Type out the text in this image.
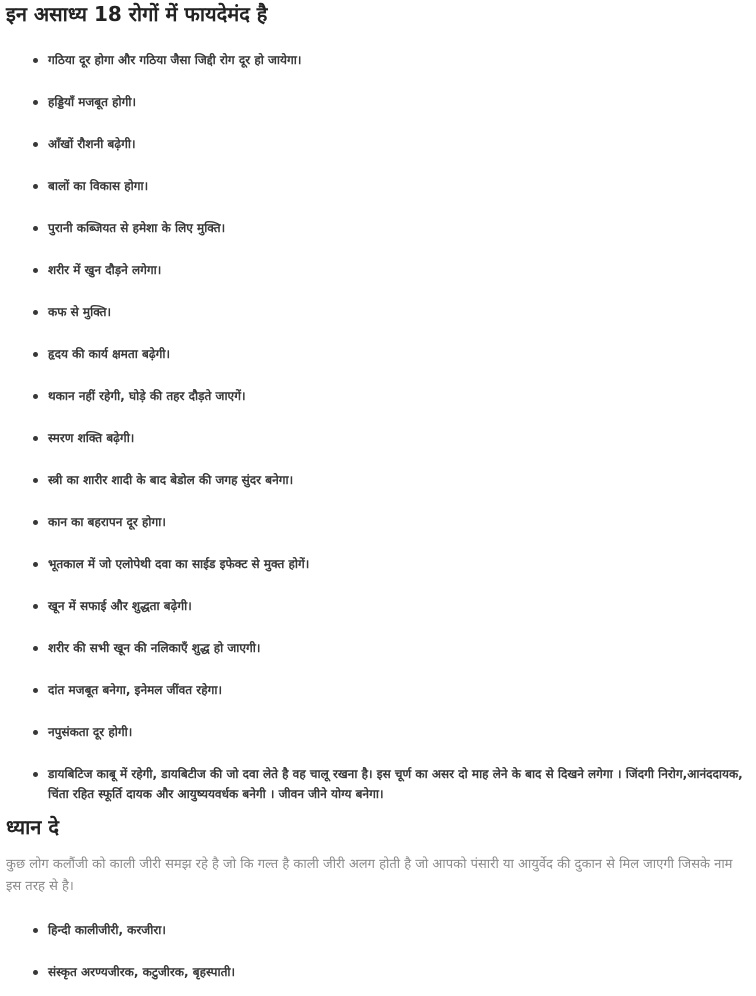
इन असाध्य 18 रोगों में फायदेमंद है
गठिया दूर होगा और गठिया जैसा जिद्दी रोग दूर हो जायेगा।
हड्डियाँ मजबूत होगी।
आँखों रौशनी बढ़ेगी।
बालों का विकास होगा।
पुरानी कब्जियत से हमेशा के लिए मुक्ति।
शरीर में खुन दौड़ने लगेगा।
कफ से मुक्ति।
हृदय की कार्य क्षमता बढ़ेगी।
थकान नहीं रहेगी, घोड़े की तहर दौड़ते जाएगें।
स्मरण शक्ति बढ़ेगी।
स्त्री का शारीर शादी के बाद बेडोल की जगह सुंदर बनेगा।
कान का बहरापन दूर होगा।
भूतकाल में जो एलोपेथी दवा का साईड इफेक्ट से मुक्त होगें।
खून में सफाई और शुद्धता बढ़ेगी।
शरीर की सभी खून की नलिकाएँ शुद्ध हो जाएगी।
दांत मजबूत बनेगा, इनेमल जींवत रहेगा।
नपुसंकता दूर होगी।
डायबिटिज काबू में रहेगी, डायबिटीज की जो दवा लेते है वह चालू रखना है। इस चूर्ण का असर दो माह लेने के बाद से दिखने लगेगा । जिंदगी निरोग,आनंददायक, चिंता रहित स्फूर्ति दायक और आयुष्ययवर्धक बनेगी । जीवन जीने योग्य बनेगा।
ध्यान दे

कुछ लोग कलौंजी को काली जीरी समझ रहे है जो कि गल्त है काली जीरी अलग होती है जो आपको पंसारी या आयुर्वेद की दुकान से मिल जाएगी जिसके नाम इस तरह से है।

हिन्दी कालीजीरी, करजीरा।
संस्कृत अरण्यजीरक, कटुजीरक, बृहस्पाती।
